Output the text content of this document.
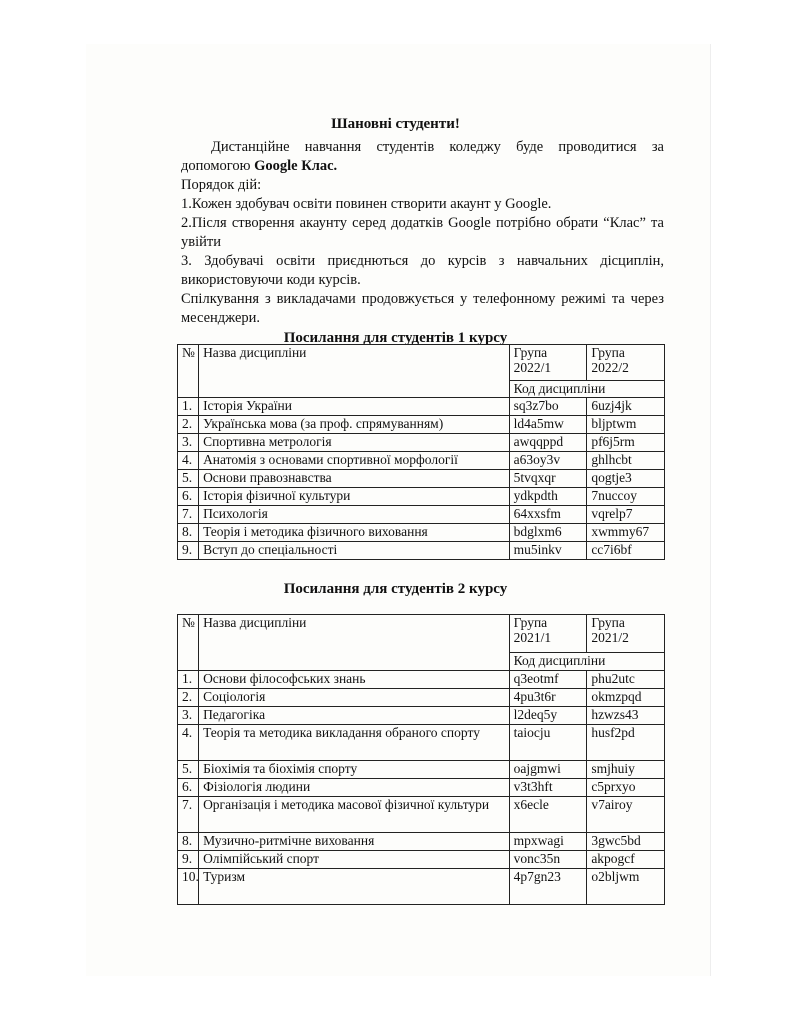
Шановні студенти!
Дистанційне навчання студентів коледжу буде проводитися за
допомогою Google Клас.
Порядок дій:
1.Кожен здобувач освіти повинен створити акаунт у Google.
2.Після створення акаунту серед додатків Google потрібно обрати “Клас” та
увійти
3. Здобувачі освіти приєднються до курсів з навчальних дісциплін,
використовуючи коди курсів.
Спілкування з викладачами продовжується у телефонному режимі та через
месенджери.
Посилання для студентів 1 курсу
№	Назва дисципліни	Група 2022/1	Група 2022/2
		Код дисципліни	
1.	Історія України	sq3z7bo	6uzj4jk
2.	Українська мова (за проф. спрямуванням)	ld4a5mw	bljptwm
3.	Спортивна метрологія	awqqppd	pf6j5rm
4.	Анатомія з основами спортивної морфології	a63oy3v	ghlhcbt
5.	Основи правознавства	5tvqxqr	qogtje3
6.	Історія фізичної культури	ydkpdth	7nuccoy
7.	Психологія	64xxsfm	vqrelp7
8.	Теорія і методика фізичного виховання	bdglxm6	xwmmy67
9.	Вступ до спеціальності	mu5inkv	cc7i6bf
Посилання для студентів 2 курсу
№	Назва дисципліни	Група 2021/1	Група 2021/2
		Код дисципліни	
1.	Основи філософських знань	q3eotmf	phu2utc
2.	Соціологія	4pu3t6r	okmzpqd
3.	Педагогіка	l2deq5y	hzwzs43
4.	Теорія та методика викладання обраного спорту	taiocju	husf2pd
5.	Біохімія та біохімія спорту	oajgmwi	smjhuiy
6.	Фізіологія людини	v3t3hft	c5prxyo
7.	Організація і методика масової фізичної культури	x6ecle	v7airoy
8.	Музично-ритмічне виховання	mpxwagi	3gwc5bd
9.	Олімпійський спорт	vonc35n	akpogcf
10.	Туризм	4p7gn23	o2bljwm
